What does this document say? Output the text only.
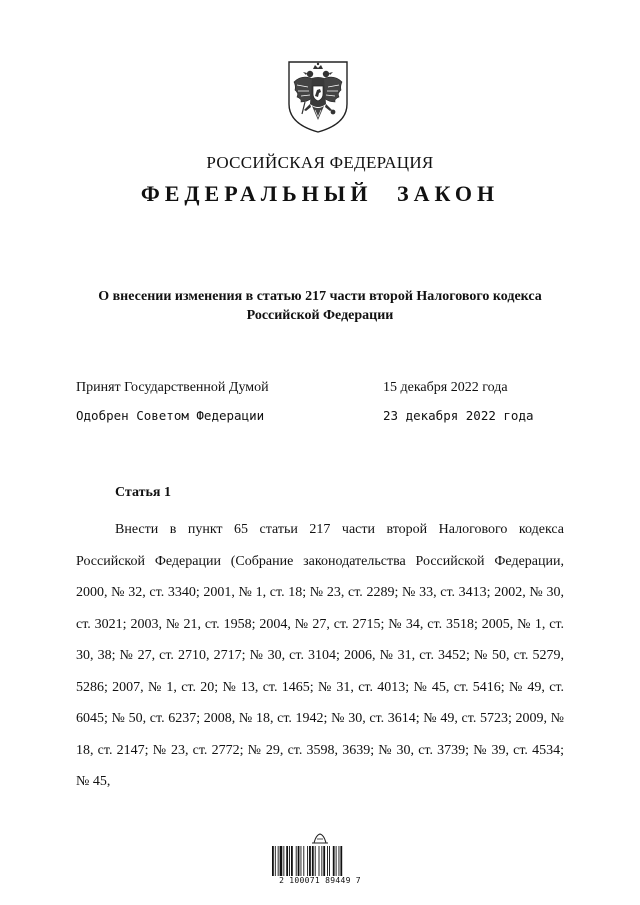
РОССИЙСКАЯ ФЕДЕРАЦИЯ
ФЕДЕРАЛЬНЫЙ ЗАКОН
О внесении изменения в статью 217 части второй Налогового кодекса
Российской Федерации
Принят Государственной Думой	15 декабря 2022 года
Одобрен Советом Федерации	23 декабря 2022 года
Статья 1

Внести в пункт 65 статьи 217 части второй Налогового кодекса Российской Федерации (Собрание законодательства Российской Федерации, 2000, № 32, ст. 3340; 2001, № 1, ст. 18; № 23, ст. 2289; № 33, ст. 3413; 2002, № 30, ст. 3021; 2003, № 21, ст. 1958; 2004, № 27, ст. 2715; № 34, ст. 3518; 2005, № 1, ст. 30, 38; № 27, ст. 2710, 2717; № 30, ст. 3104; 2006, № 31, ст. 3452; № 50, ст. 5279, 5286; 2007, № 1, ст. 20; № 13, ст. 1465; № 31, ст. 4013; № 45, ст. 5416; № 49, ст. 6045; № 50, ст. 6237; 2008, № 18, ст. 1942; № 30, ст. 3614; № 49, ст. 5723; 2009, № 18, ст. 2147; № 23, ст. 2772; № 29, ст. 3598, 3639; № 30, ст. 3739; № 39, ст. 4534; № 45,

2 100071 89449 7
